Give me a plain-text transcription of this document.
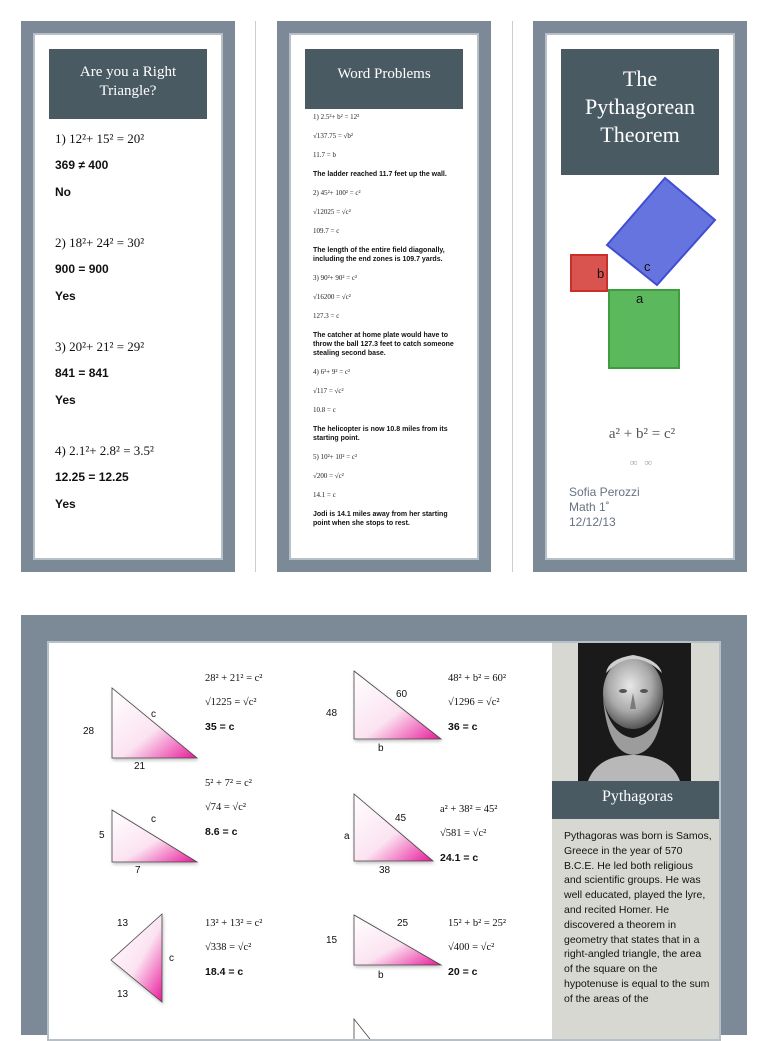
Are you a Right Triangle?

1) 12²+ 15² = 20²

369 ≠ 400

No

2) 18²+ 24² = 30²

900 = 900

Yes

3) 20²+ 21² = 29²

841 = 841

Yes

4) 2.1²+ 2.8² = 3.5²

12.25 = 12.25

Yes

Word Problems

1) 2.5²+ b² = 12²

√137.75 = √b²

11.7 = b

The ladder reached 11.7 feet up the wall.

2) 45²+ 100² = c²

√12025 = √c²

109.7 = c

The length of the entire field diagonally, including the end zones is 109.7 yards.

3) 90²+ 90² = c²

√16200 = √c²

127.3 = c

The catcher at home plate would have to throw the ball 127.3 feet to catch someone stealing second base.

4) 6²+ 9² = c²

√117 = √c²

10.8 = c

The helicopter is now 10.8 miles from its starting point.

5) 10²+ 10² = c²

√200 = √c²

14.1 = c

Jodi is 14.1 miles away from her starting point when she stops to rest.

The Pythagorean Theorem
b	c
a
a² + b² = c²
∞ ∞
Sofia Perozzi
Math 1˚
12/12/13
28
21
c
5
7
c
13
13
c
48
b
60
a
38
45
15
b
25
28² + 21² = c²
√1225 = √c²
35 = c
5² + 7² = c²
√74 = √c²
8.6 = c
13² + 13² = c²
√338 = √c²
18.4 = c
48² + b² = 60²
√1296 = √c²
36 = c
a² + 38² = 45²
√581 = √c²
24.1 = c
15² + b² = 25²
√400 = √c²
20 = c
Pythagoras
Pythagoras was born is Samos, Greece in the year of 570 B.C.E. He led both religious and scientific groups. He was well educated, played the lyre, and recited Homer. He discovered a theorem in geometry that states that in a right-angled triangle, the area of the square on the hypotenuse is equal to the sum of the areas of the
